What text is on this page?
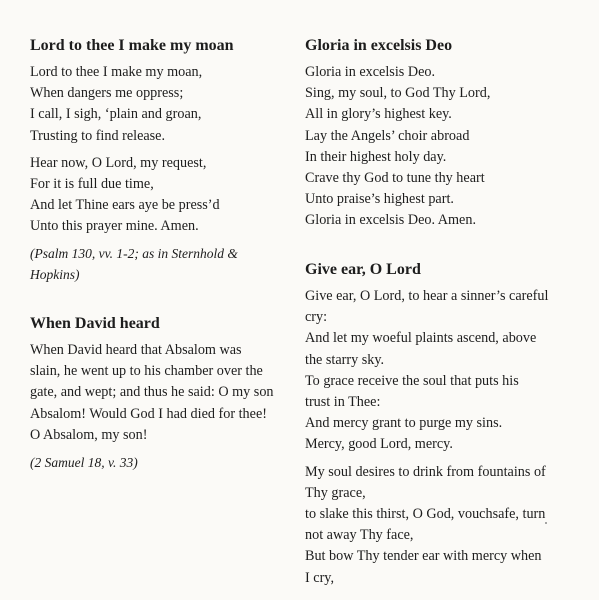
Lord to thee I make my moan

Lord to thee I make my moan,
When dangers me oppress;
I call, I sigh, ‘plain and groan,
Trusting to find release.

Hear now, O Lord, my request,
For it is full due time,
And let Thine ears aye be press’d
Unto this prayer mine. Amen.

(Psalm 130, vv. 1-2; as in Sternhold &
Hopkins)

When David heard

When David heard that Absalom was
slain, he went up to his chamber over the
gate, and wept; and thus he said: O my son
Absalom! Would God I had died for thee!
O Absalom, my son!

(2 Samuel 18, v. 33)

Gloria in excelsis Deo

Gloria in excelsis Deo.
Sing, my soul, to God Thy Lord,
All in glory’s highest key.
Lay the Angels’ choir abroad
In their highest holy day.
Crave thy God to tune thy heart
Unto praise’s highest part.
Gloria in excelsis Deo. Amen.

Give ear, O Lord

Give ear, O Lord, to hear a sinner’s careful
cry:
And let my woeful plaints ascend, above
the starry sky.
To grace receive the soul that puts his
trust in Thee:
And mercy grant to purge my sins.
Mercy, good Lord, mercy.

My soul desires to drink from fountains of
Thy grace,
to slake this thirst, O God, vouchsafe, turn
not away Thy face,
But bow Thy tender ear with mercy when
I cry,
